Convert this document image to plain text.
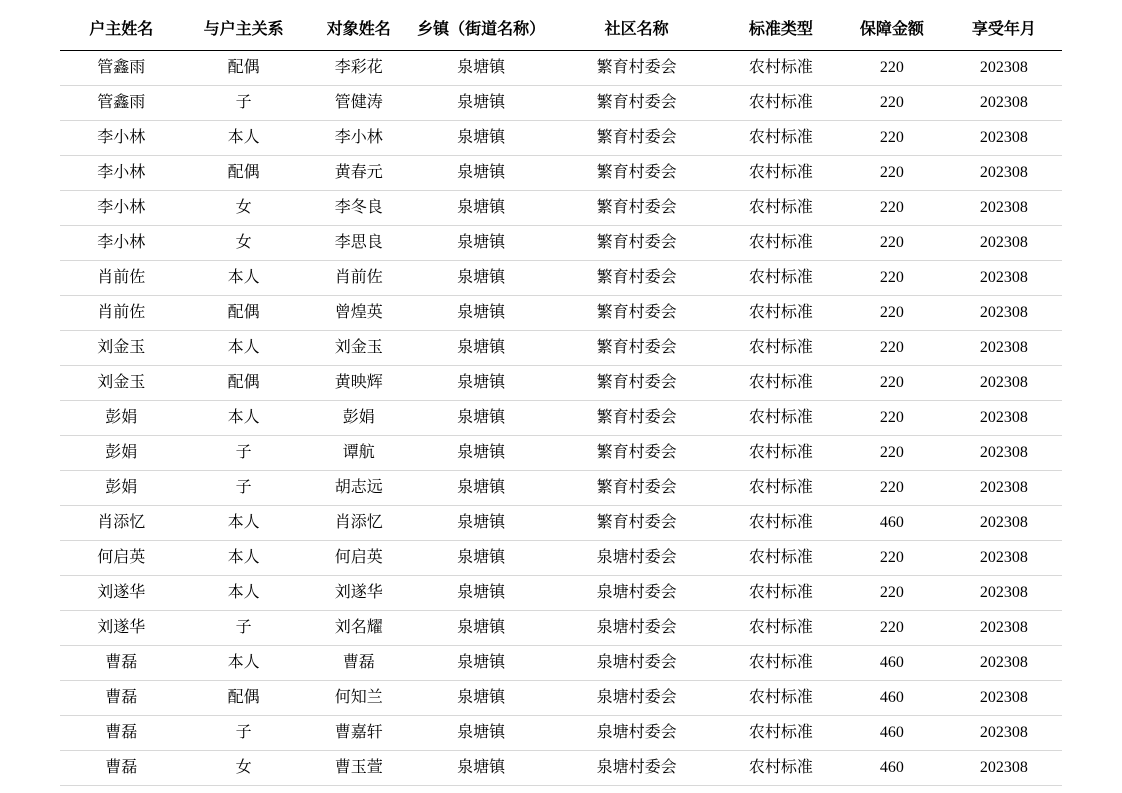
户主姓名	与户主关系	对象姓名	乡镇（街道名称）	社区名称	标准类型	保障金额	享受年月
管鑫雨	配偶	李彩花	泉塘镇	繁育村委会	农村标准	220	202308
管鑫雨	子	管健涛	泉塘镇	繁育村委会	农村标准	220	202308
李小林	本人	李小林	泉塘镇	繁育村委会	农村标准	220	202308
李小林	配偶	黄春元	泉塘镇	繁育村委会	农村标准	220	202308
李小林	女	李冬良	泉塘镇	繁育村委会	农村标准	220	202308
李小林	女	李思良	泉塘镇	繁育村委会	农村标准	220	202308
肖前佐	本人	肖前佐	泉塘镇	繁育村委会	农村标准	220	202308
肖前佐	配偶	曾煌英	泉塘镇	繁育村委会	农村标准	220	202308
刘金玉	本人	刘金玉	泉塘镇	繁育村委会	农村标准	220	202308
刘金玉	配偶	黄映辉	泉塘镇	繁育村委会	农村标准	220	202308
彭娟	本人	彭娟	泉塘镇	繁育村委会	农村标准	220	202308
彭娟	子	谭航	泉塘镇	繁育村委会	农村标准	220	202308
彭娟	子	胡志远	泉塘镇	繁育村委会	农村标准	220	202308
肖添忆	本人	肖添忆	泉塘镇	繁育村委会	农村标准	460	202308
何启英	本人	何启英	泉塘镇	泉塘村委会	农村标准	220	202308
刘遂华	本人	刘遂华	泉塘镇	泉塘村委会	农村标准	220	202308
刘遂华	子	刘名耀	泉塘镇	泉塘村委会	农村标准	220	202308
曹磊	本人	曹磊	泉塘镇	泉塘村委会	农村标准	460	202308
曹磊	配偶	何知兰	泉塘镇	泉塘村委会	农村标准	460	202308
曹磊	子	曹嘉轩	泉塘镇	泉塘村委会	农村标准	460	202308
曹磊	女	曹玉萱	泉塘镇	泉塘村委会	农村标准	460	202308
